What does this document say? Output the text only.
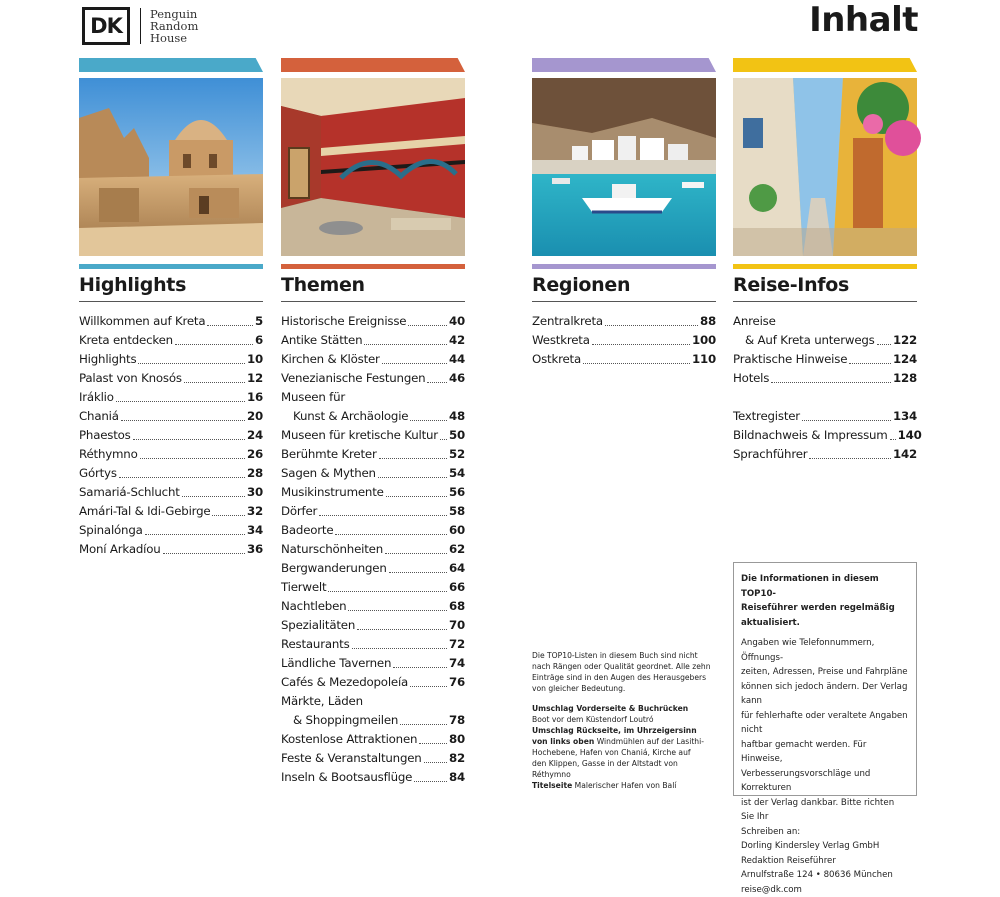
DK	Penguin
Random
House	Inhalt
Highlights
Willkommen auf Kreta	5
Kreta entdecken	6
Highlights	10
Palast von Knosós	12
Iráklio	16
Chaniá	20
Phaestos	24
Réthymno	26
Górtys	28
Samariá-Schlucht	30
Amári-Tal & Idi-Gebirge	32
Spinalónga	34
Moní Arkadíou	36
Themen
Historische Ereignisse	40
Antike Stätten	42
Kirchen & Klöster	44
Venezianische Festungen 46
Museen für
Kunst & Archäologie	48
Museen für kretische Kultur 50
Berühmte Kreter	52
Sagen & Mythen	54
Musikinstrumente	56
Dörfer	58
Badeorte	60
Naturschönheiten	62
Bergwanderungen	64
Tierwelt	66
Nachtleben	68
Spezialitäten	70
Restaurants	72
Ländliche Tavernen	74
Cafés & Mezedopoleía	76
Märkte, Läden
& Shoppingmeilen	78
Kostenlose Attraktionen	80
Feste & Veranstaltungen 82
Inseln & Bootsausflüge	84
Regionen
Zentralkreta	88
Westkreta	100
Ostkreta	110
Reise-Infos
Anreise
& Auf Kreta unterwegs 122
Praktische Hinweise	124
Hotels	128
Textregister	134
Bildnachweis & Impressum 140
Sprachführer	142
Die TOP10-Listen in diesem Buch sind nicht
nach Rängen oder Qualität geordnet. Alle zehn
Einträge sind in den Augen des Herausgebers
von gleicher Bedeutung.
Umschlag Vorderseite & Buchrücken
Boot vor dem Küstendorf Loutró
Umschlag Rückseite, im Uhrzeigersinn
von links oben Windmühlen auf der Lasithi-
Hochebene, Hafen von Chaniá, Kirche auf
den Klippen, Gasse in der Altstadt von
Réthymno
Titelseite Malerischer Hafen von Balí

Die Informationen in diesem TOP10-
Reiseführer werden regelmäßig
aktualisiert.

Angaben wie Telefonnummern, Öffnungs-
zeiten, Adressen, Preise und Fahrpläne
können sich jedoch ändern. Der Verlag kann
für fehlerhafte oder veraltete Angaben nicht
haftbar gemacht werden. Für Hinweise,
Verbesserungsvorschläge und Korrekturen
ist der Verlag dankbar. Bitte richten Sie Ihr
Schreiben an:
Dorling Kindersley Verlag GmbH
Redaktion Reiseführer
Arnulfstraße 124 • 80636 München
reise@dk.com
